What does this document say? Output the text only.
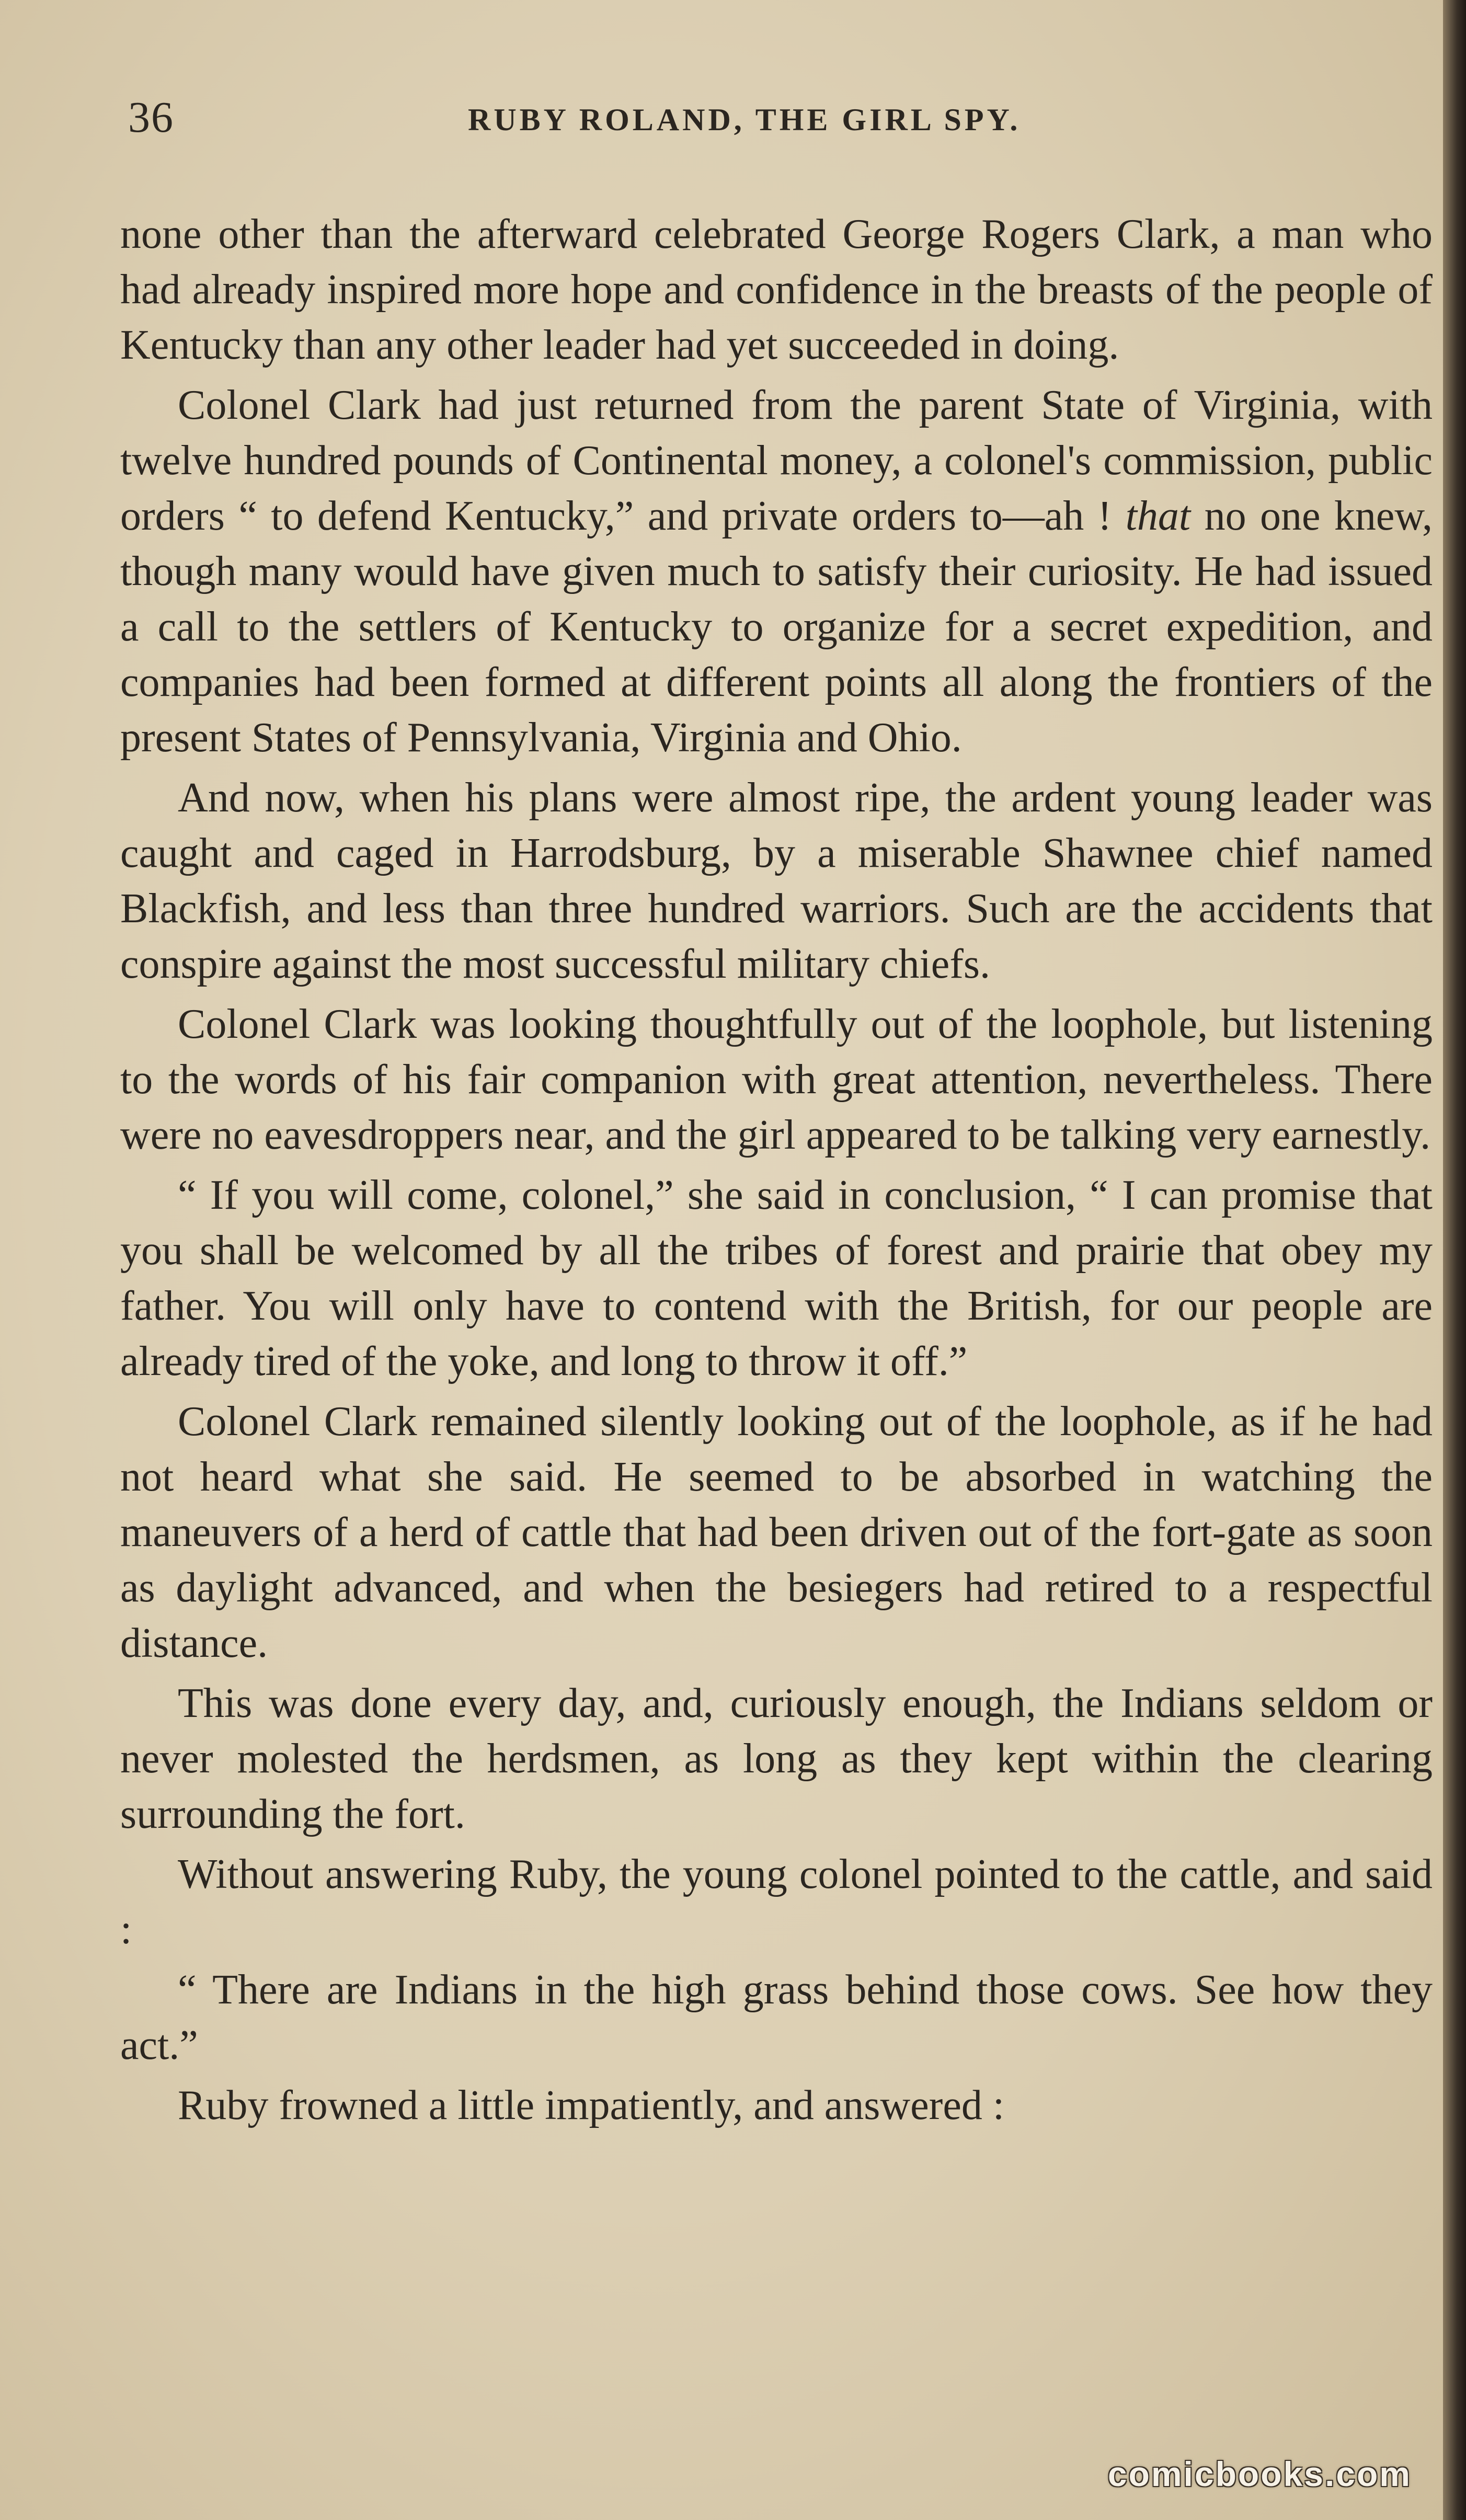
36	RUBY ROLAND, THE GIRL SPY.

none other than the afterward celebrated George Rogers Clark, a man who had already inspired more hope and confidence in the breasts of the people of Kentucky than any other leader had yet succeeded in doing.

Colonel Clark had just returned from the parent State of Virginia, with twelve hundred pounds of Continental money, a colonel's commission, public orders “ to defend Kentucky,” and private orders to—ah ! that no one knew, though many would have given much to satisfy their curiosity. He had issued a call to the settlers of Kentucky to organize for a secret expedition, and companies had been formed at different points all along the frontiers of the present States of Pennsylvania, Virginia and Ohio.

And now, when his plans were almost ripe, the ardent young leader was caught and caged in Harrodsburg, by a miserable Shawnee chief named Blackfish, and less than three hundred warriors. Such are the accidents that conspire against the most successful military chiefs.

Colonel Clark was looking thoughtfully out of the loophole, but listening to the words of his fair companion with great attention, nevertheless. There were no eavesdroppers near, and the girl appeared to be talking very earnestly.

“ If you will come, colonel,” she said in conclusion, “ I can promise that you shall be welcomed by all the tribes of forest and prairie that obey my father. You will only have to contend with the British, for our people are already tired of the yoke, and long to throw it off.”

Colonel Clark remained silently looking out of the loophole, as if he had not heard what she said. He seemed to be absorbed in watching the maneuvers of a herd of cattle that had been driven out of the fort-gate as soon as daylight advanced, and when the besiegers had retired to a respectful distance.

This was done every day, and, curiously enough, the Indians seldom or never molested the herdsmen, as long as they kept within the clearing surrounding the fort.

Without answering Ruby, the young colonel pointed to the cattle, and said :

“ There are Indians in the high grass behind those cows. See how they act.”

Ruby frowned a little impatiently, and answered :

comicbooks.com
